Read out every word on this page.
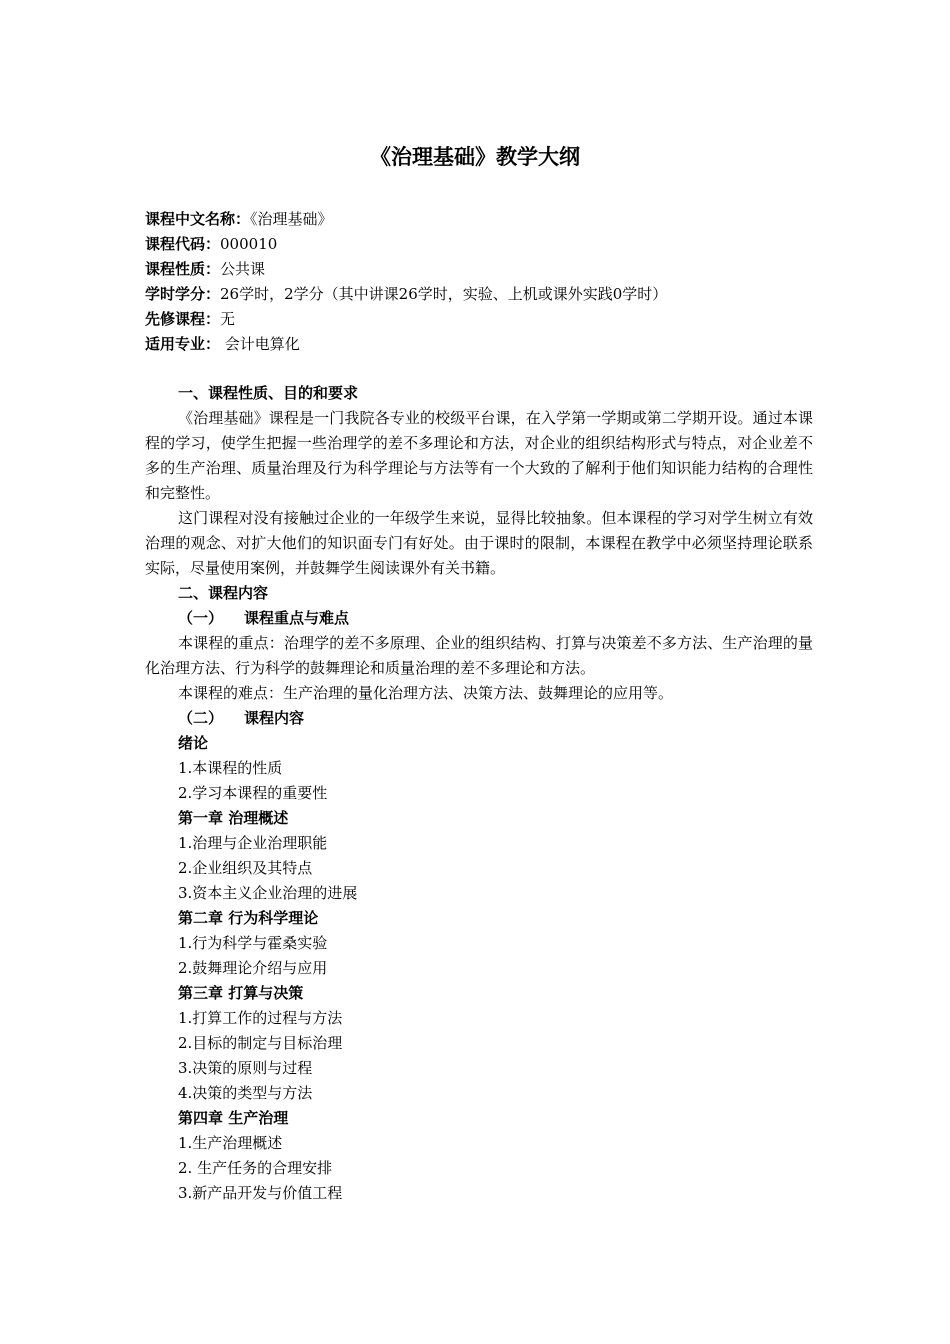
《治理基础》教学大纲
课程中文名称：《治理基础》
课程代码：000010
课程性质：公共课
学时学分：26学时，2学分（其中讲课26学时，实验、上机或课外实践0学时）
先修课程：无
适用专业： 会计电算化
一、课程性质、目的和要求
《治理基础》课程是一门我院各专业的校级平台课，在入学第一学期或第二学期开设。通过本课程的学习，使学生把握一些治理学的差不多理论和方法，对企业的组织结构形式与特点，对企业差不多的生产治理、质量治理及行为科学理论与方法等有一个大致的了解利于他们知识能力结构的合理性和完整性。
这门课程对没有接触过企业的一年级学生来说，显得比较抽象。但本课程的学习对学生树立有效治理的观念、对扩大他们的知识面专门有好处。由于课时的限制，本课程在教学中必须坚持理论联系实际，尽量使用案例，并鼓舞学生阅读课外有关书籍。
二、课程内容
（一） 课程重点与难点
本课程的重点：治理学的差不多原理、企业的组织结构、打算与决策差不多方法、生产治理的量化治理方法、行为科学的鼓舞理论和质量治理的差不多理论和方法。
本课程的难点：生产治理的量化治理方法、决策方法、鼓舞理论的应用等。
（二） 课程内容
绪论
1.本课程的性质
2.学习本课程的重要性
第一章 治理概述
1.治理与企业治理职能
2.企业组织及其特点
3.资本主义企业治理的进展
第二章 行为科学理论
1.行为科学与霍桑实验
2.鼓舞理论介绍与应用
第三章 打算与决策
1.打算工作的过程与方法
2.目标的制定与目标治理
3.决策的原则与过程
4.决策的类型与方法
第四章 生产治理
1.生产治理概述
2. 生产任务的合理安排
3.新产品开发与价值工程
